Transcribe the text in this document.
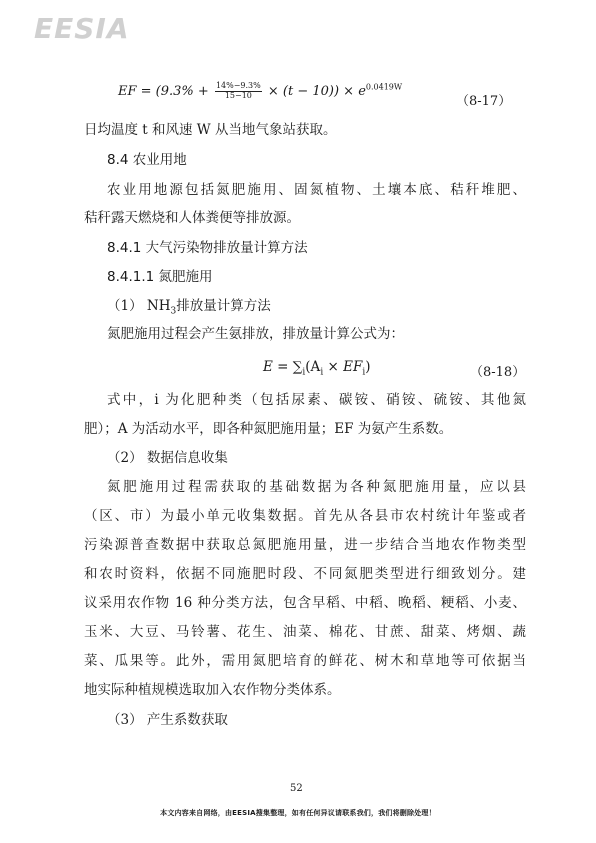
EESIA
EF = $(9.3\% + \frac{14\%-9.3\%}{15-10} \times (t - 10)) \times e^{0.0419W}$
（8-17）
日均温度 t 和风速 W 从当地气象站获取。
8.4 农业用地
农业用地源包括氮肥施用、固氮植物、土壤本底、秸秆堆肥、
秸秆露天燃烧和人体粪便等排放源。
8.4.1 大气污染物排放量计算方法
8.4.1.1 氮肥施用
（1） $NH_3$排放量计算方法
氮肥施用过程会产生氨排放，排放量计算公式为：
$E = \sum_i(A_i \times EF_i)$	（8-18）
式中，i 为化肥种类（包括尿素、碳铵、硝铵、硫铵、其他氮
肥）；A 为活动水平，即各种氮肥施用量；EF 为氨产生系数。
（2） 数据信息收集
氮肥施用过程需获取的基础数据为各种氮肥施用量，应以县
（区、市）为最小单元收集数据。首先从各县市农村统计年鉴或者
污染源普查数据中获取总氮肥施用量，进一步结合当地农作物类型
和农时资料，依据不同施肥时段、不同氮肥类型进行细致划分。建
议采用农作物 16 种分类方法，包含早稻、中稻、晚稻、粳稻、小麦、
玉米、大豆、马铃薯、花生、油菜、棉花、甘蔗、甜菜、烤烟、蔬
菜、瓜果等。此外，需用氮肥培育的鲜花、树木和草地等可依据当
地实际种植规模选取加入农作物分类体系。
（3） 产生系数获取
52
本文内容来自网络，由EESIA搜集整理，如有任何异议请联系我们，我们将删除处理！
